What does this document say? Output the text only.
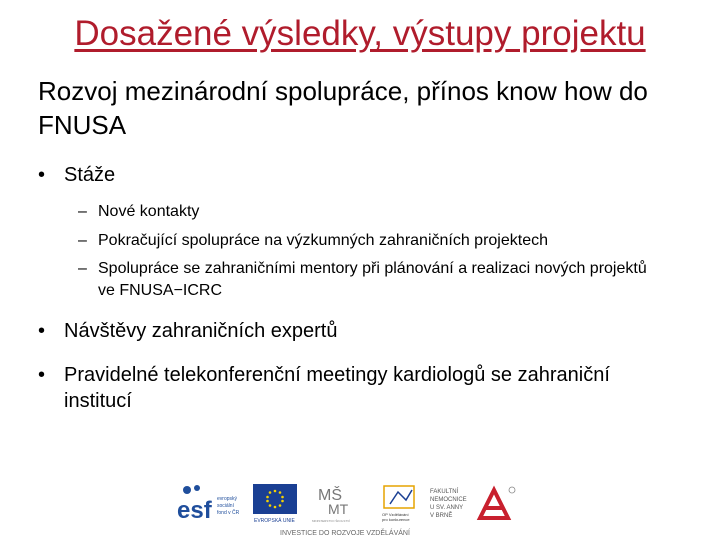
Dosažené výsledky, výstupy projektu
Rozvoj mezinárodní spolupráce, přínos know how do FNUSA
• Stáže
– Nové kontakty
– Pokračující spolupráce na výzkumných zahraničních projektech
– Spolupráce se zahraničními mentory při plánování a realizaci nových projektů ve FNUSA−ICRC
• Návštěvy zahraničních expertů
• Pravidelné telekonferenční meetingy kardiologů se zahraniční institucí
esf evropský
sociální
fond v ČR
EVROPSKÁ UNIE
MŠ
MT
MINISTERSTVO ŠKOLSTVÍ
OP Vzdělávání
pro konkurence
FAKULTNÍ
NEMOCNICE
U SV. ANNY
V BRNĚ
INVESTICE DO ROZVOJE VZDĚLÁVÁNÍ
